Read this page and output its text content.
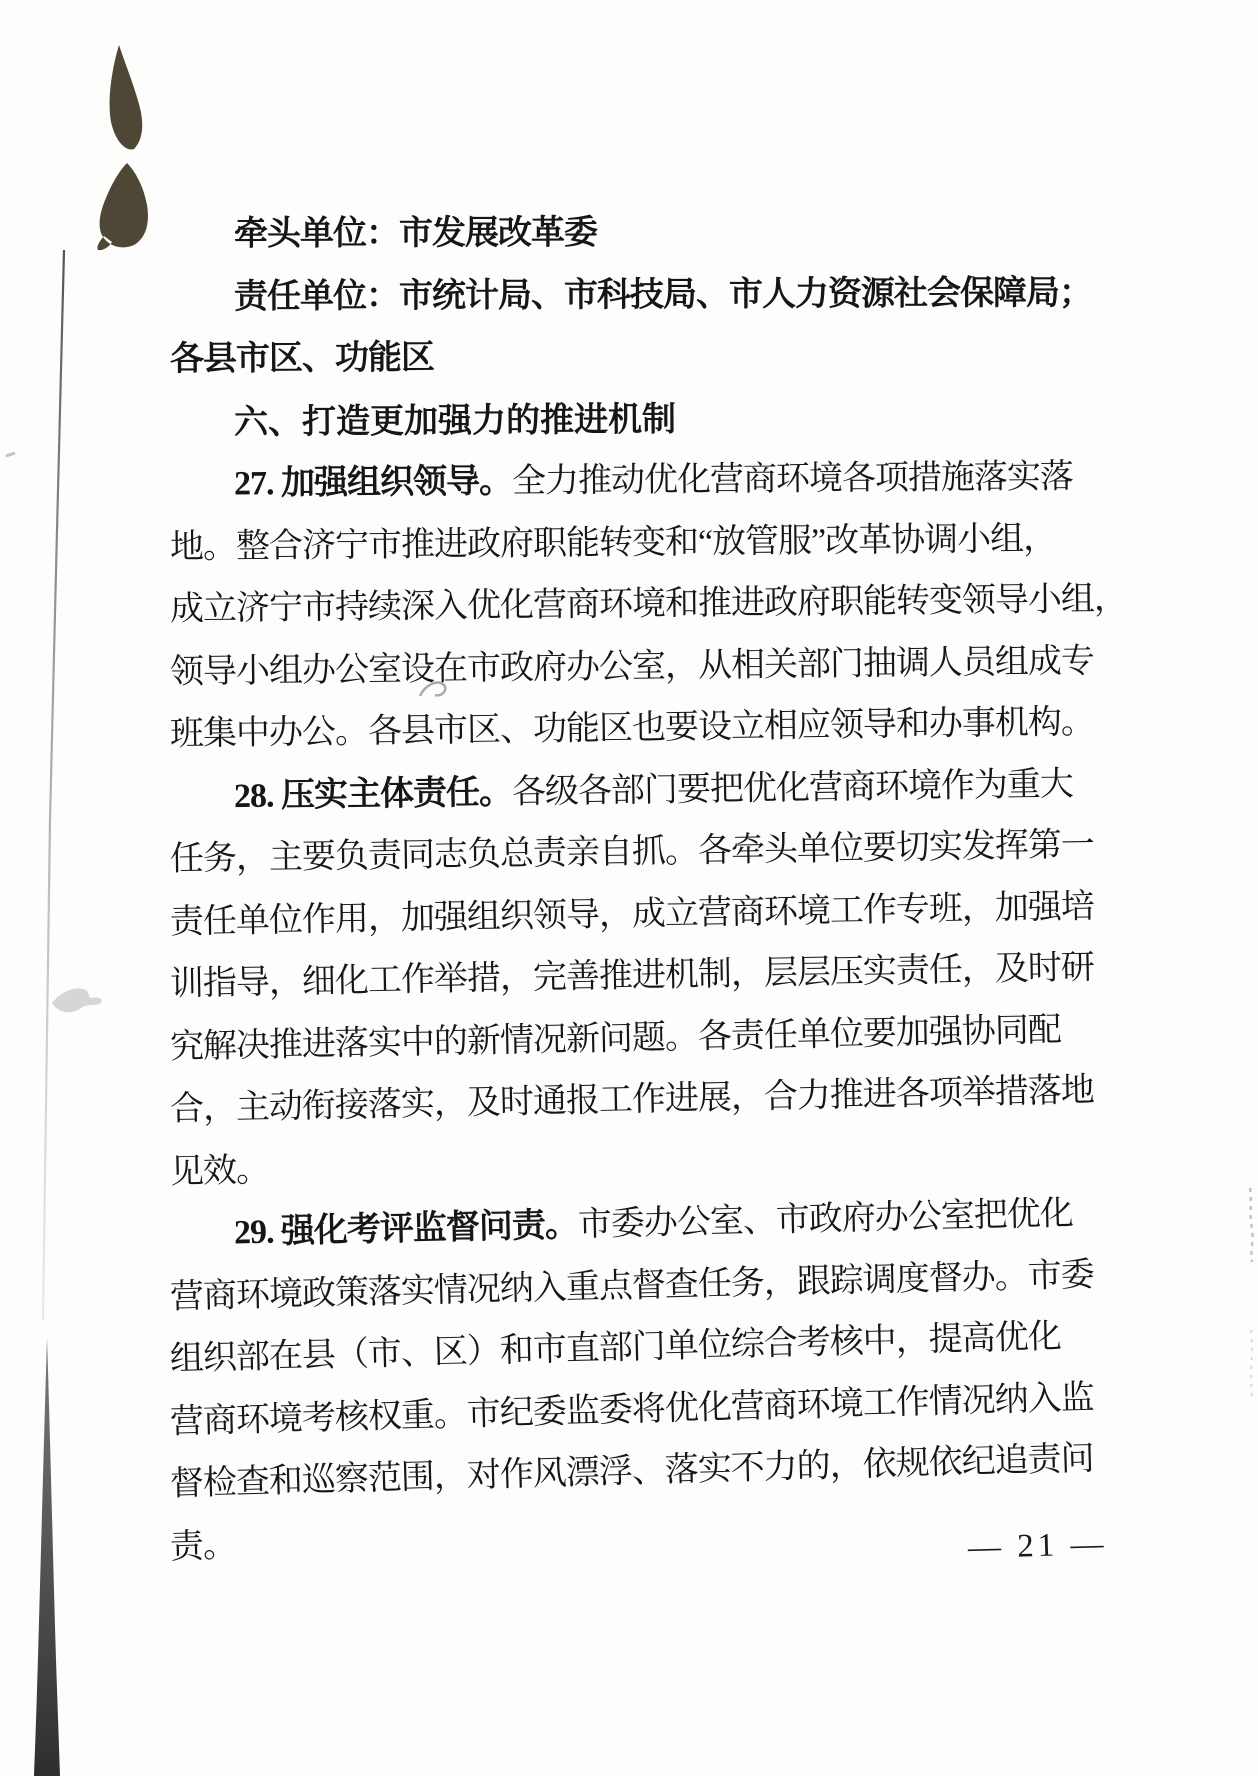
牵头单位：市发展改革委
责任单位：市统计局、市科技局、市人力资源社会保障局；
各县市区、功能区
六、打造更加强力的推进机制
27. 加强组织领导。全力推动优化营商环境各项措施落实落
地。整合济宁市推进政府职能转变和“放管服”改革协调小组，
成立济宁市持续深入优化营商环境和推进政府职能转变领导小组，
领导小组办公室设在市政府办公室，从相关部门抽调人员组成专
班集中办公。各县市区、功能区也要设立相应领导和办事机构。
28. 压实主体责任。各级各部门要把优化营商环境作为重大
任务，主要负责同志负总责亲自抓。各牵头单位要切实发挥第一
责任单位作用，加强组织领导，成立营商环境工作专班，加强培
训指导，细化工作举措，完善推进机制，层层压实责任，及时研
究解决推进落实中的新情况新问题。各责任单位要加强协同配
合，主动衔接落实，及时通报工作进展，合力推进各项举措落地
见效。
29. 强化考评监督问责。市委办公室、市政府办公室把优化
营商环境政策落实情况纳入重点督查任务，跟踪调度督办。市委
组织部在县（市、区）和市直部门单位综合考核中，提高优化
营商环境考核权重。市纪委监委将优化营商环境工作情况纳入监
督检查和巡察范围，对作风漂浮、落实不力的，依规依纪追责问
责。	— 21 —
